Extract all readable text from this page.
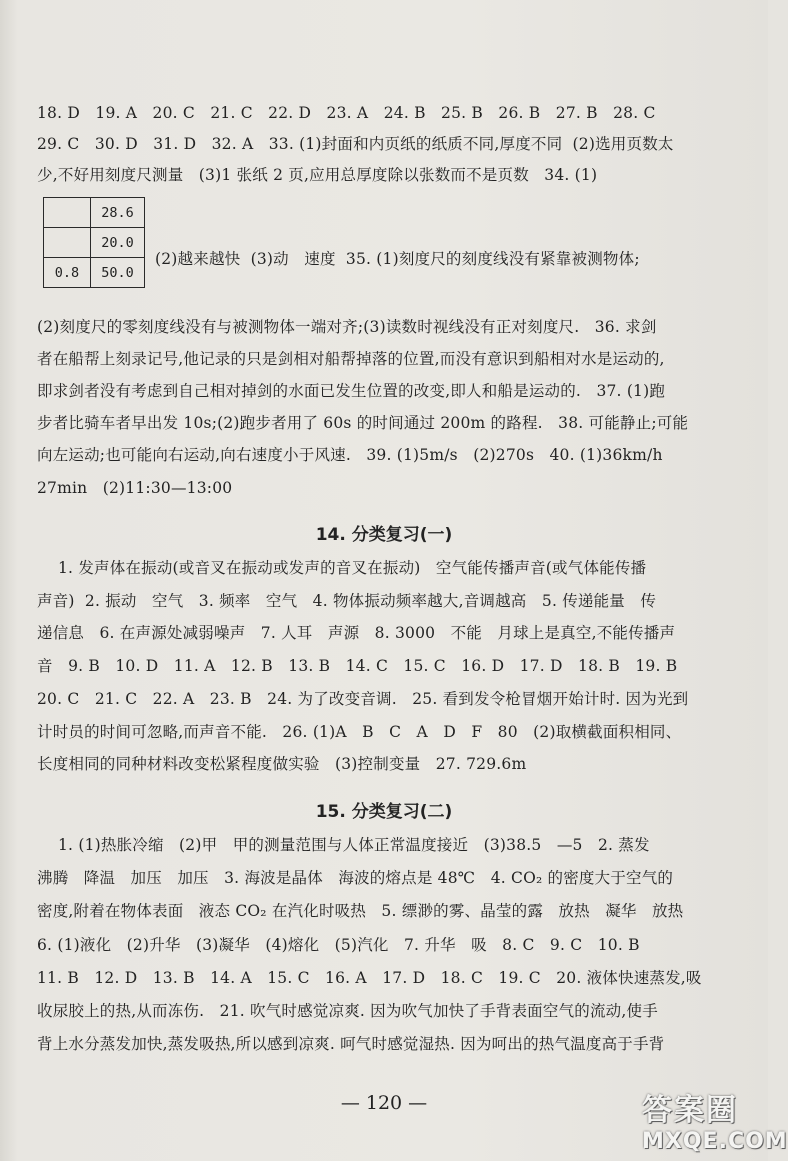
18. D   19. A   20. C   21. C   22. D   23. A   24. B   25. B   26. B   27. B   28. C

29. C   30. D   31. D   32. A   33. (1)封面和内页纸的纸质不同,厚度不同  (2)选用页数太

少,不好用刻度尺测量   (3)1 张纸 2 页,应用总厚度除以张数而不是页数   34. (1)

	28.6
	20.0
0.8	50.0

(2)越来越快  (3)动   速度  35. (1)刻度尺的刻度线没有紧靠被测物体;

(2)刻度尺的零刻度线没有与被测物体一端对齐;(3)读数时视线没有正对刻度尺.   36. 求剑

者在船帮上刻录记号,他记录的只是剑相对船帮掉落的位置,而没有意识到船相对水是运动的,

即求剑者没有考虑到自己相对掉剑的水面已发生位置的改变,即人和船是运动的.   37. (1)跑

步者比骑车者早出发 10s;(2)跑步者用了 60s 的时间通过 200m 的路程.   38. 可能静止;可能

向左运动;也可能向右运动,向右速度小于风速.   39. (1)5m/s   (2)270s   40. (1)36km/h

27min   (2)11:30—13:00

14. 分类复习(一)

1. 发声体在振动(或音叉在振动或发声的音叉在振动)   空气能传播声音(或气体能传播

声音)  2. 振动   空气   3. 频率   空气   4. 物体振动频率越大,音调越高   5. 传递能量   传

递信息   6. 在声源处减弱噪声   7. 人耳   声源   8. 3000   不能   月球上是真空,不能传播声

音   9. B   10. D   11. A   12. B   13. B   14. C   15. C   16. D   17. D   18. B   19. B

20. C   21. C   22. A   23. B   24. 为了改变音调.   25. 看到发令枪冒烟开始计时. 因为光到

计时员的时间可忽略,而声音不能.   26. (1)A   B   C   A   D   F   80   (2)取横截面积相同、

长度相同的同种材料改变松紧程度做实验   (3)控制变量   27. 729.6m

15. 分类复习(二)

1. (1)热胀冷缩   (2)甲   甲的测量范围与人体正常温度接近   (3)38.5   —5   2. 蒸发

沸腾   降温   加压   加压   3. 海波是晶体   海波的熔点是 48℃   4. CO₂ 的密度大于空气的

密度,附着在物体表面   液态 CO₂ 在汽化时吸热   5. 缥渺的雾、晶莹的露   放热   凝华   放热

6. (1)液化   (2)升华   (3)凝华   (4)熔化   (5)汽化   7. 升华   吸   8. C   9. C   10. B

11. B   12. D   13. B   14. A   15. C   16. A   17. D   18. C   19. C   20. 液体快速蒸发,吸

收尿胶上的热,从而冻伤.   21. 吹气时感觉凉爽. 因为吹气加快了手背表面空气的流动,使手

背上水分蒸发加快,蒸发吸热,所以感到凉爽. 呵气时感觉湿热. 因为呵出的热气温度高于手背

— 120 —	答案圈
MXQE.COM
